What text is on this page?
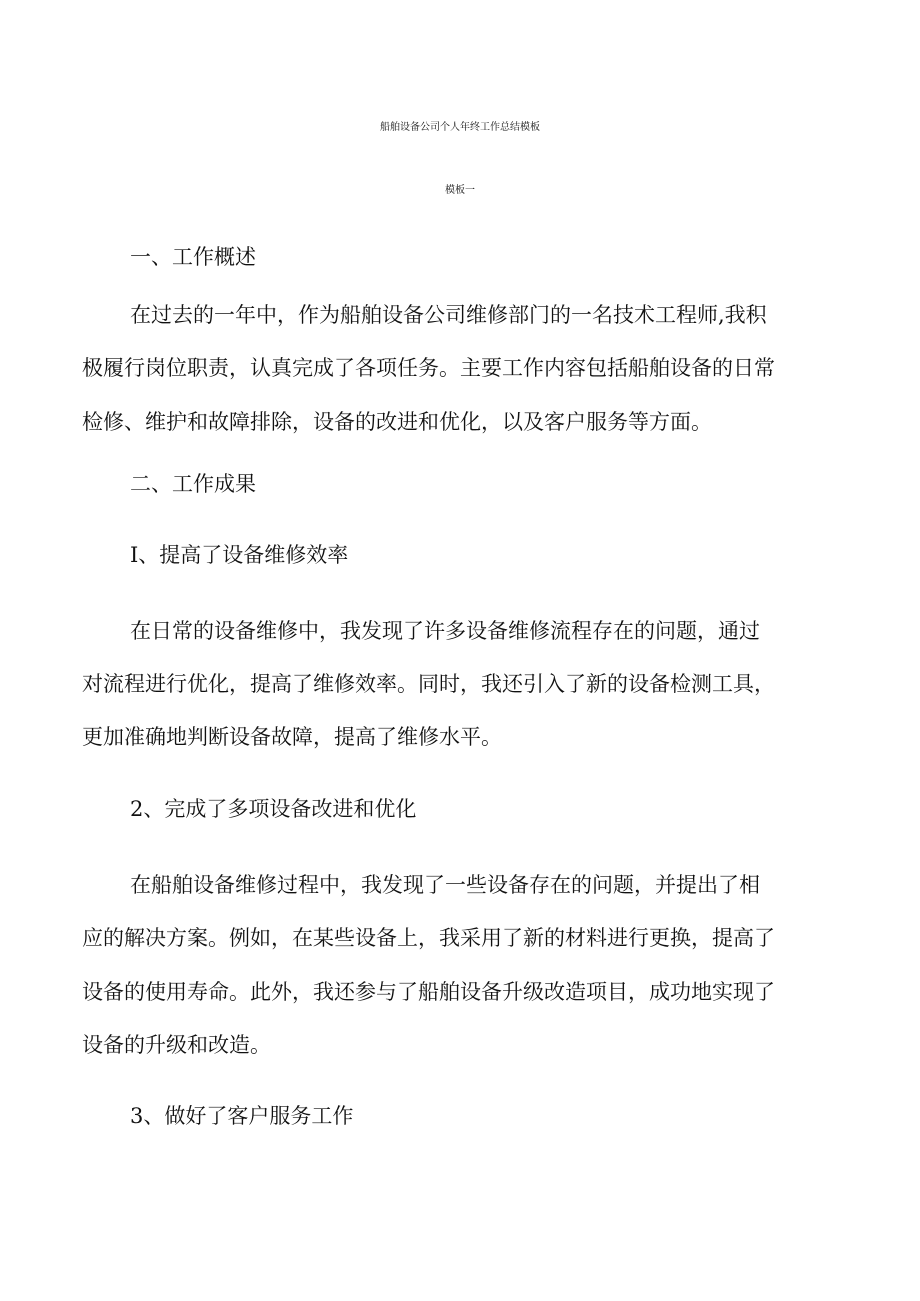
船舶设备公司个人年终工作总结模板
模板一
一、工作概述
在过去的一年中，作为船舶设备公司维修部门的一名技术工程师,我积
极履行岗位职责，认真完成了各项任务。主要工作内容包括船舶设备的日常
检修、维护和故障排除，设备的改进和优化，以及客户服务等方面。
二、工作成果
I、提高了设备维修效率
在日常的设备维修中，我发现了许多设备维修流程存在的问题，通过
对流程进行优化，提高了维修效率。同时，我还引入了新的设备检测工具，
更加准确地判断设备故障，提高了维修水平。
2、完成了多项设备改进和优化
在船舶设备维修过程中，我发现了一些设备存在的问题，并提出了相
应的解决方案。例如，在某些设备上，我采用了新的材料进行更换，提高了
设备的使用寿命。此外，我还参与了船舶设备升级改造项目，成功地实现了
设备的升级和改造。
3、做好了客户服务工作
